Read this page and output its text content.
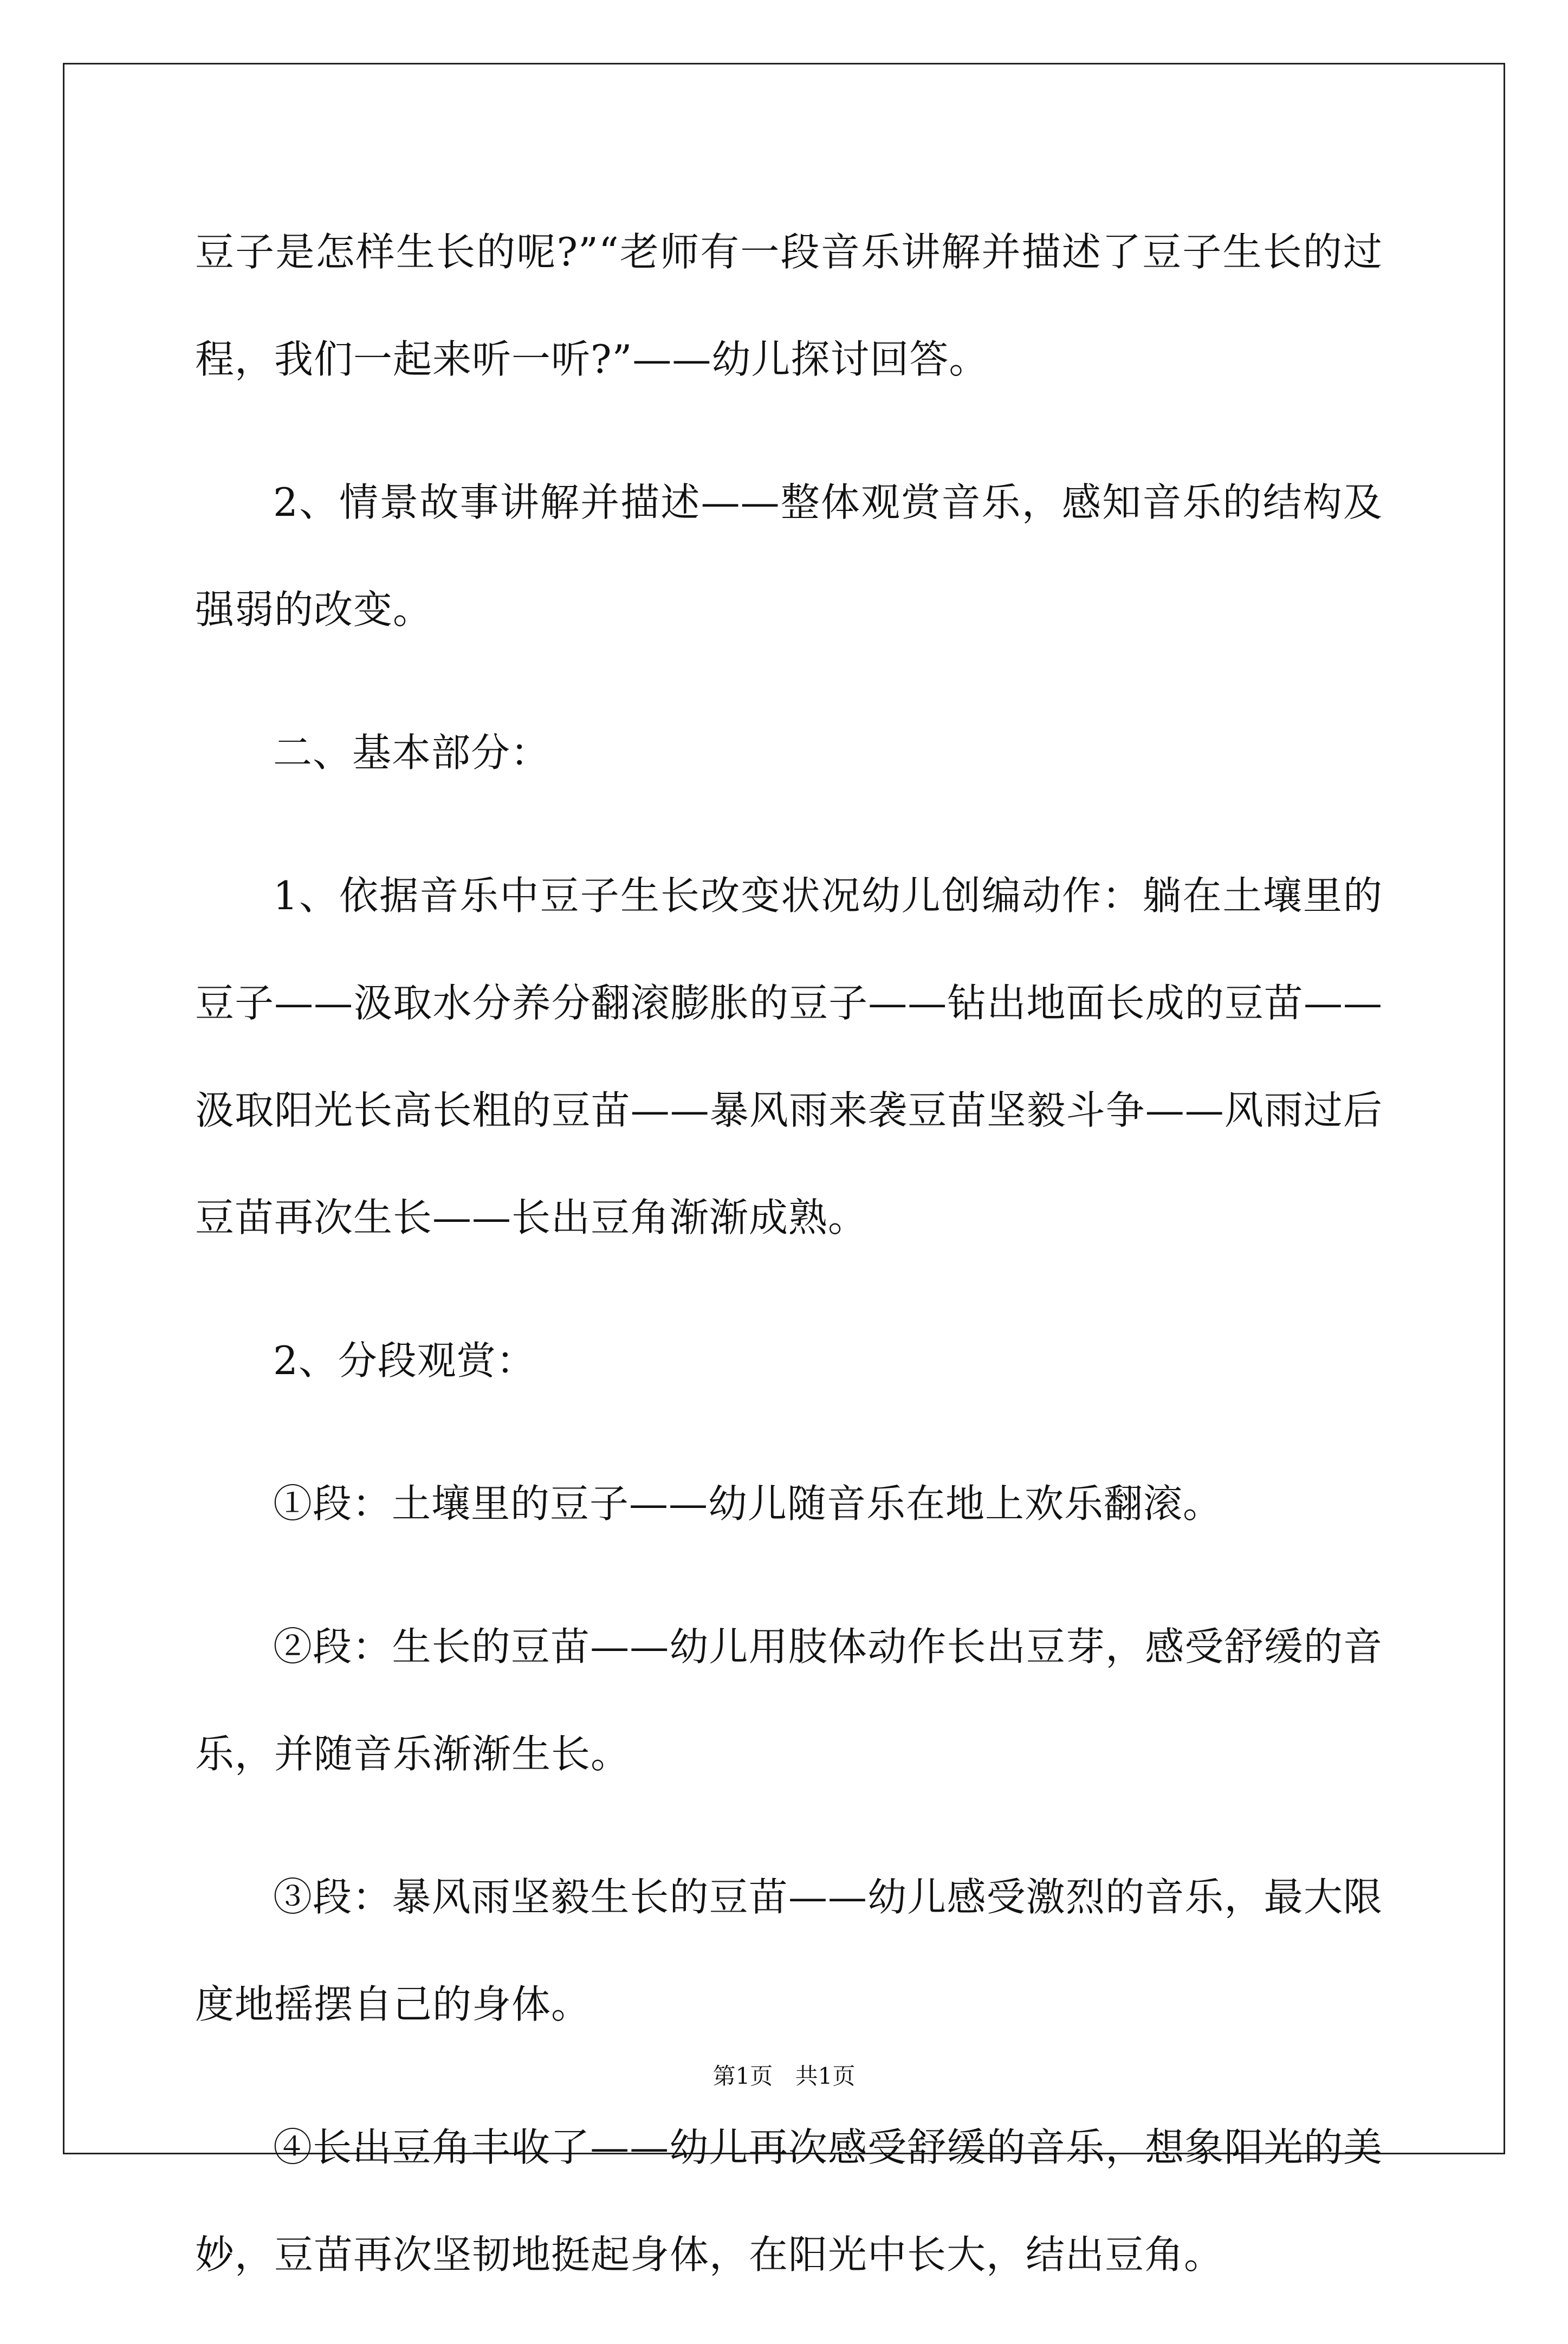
豆子是怎样生长的呢?”“老师有一段音乐讲解并描述了豆子生长的过程，我们一起来听一听?”——幼儿探讨回答。

2、情景故事讲解并描述——整体观赏音乐，感知音乐的结构及强弱的改变。

二、基本部分：

1、依据音乐中豆子生长改变状况幼儿创编动作：躺在土壤里的豆子——汲取水分养分翻滚膨胀的豆子——钻出地面长成的豆苗——汲取阳光长高长粗的豆苗——暴风雨来袭豆苗坚毅斗争——风雨过后豆苗再次生长——长出豆角渐渐成熟。

2、分段观赏：

①段：土壤里的豆子——幼儿随音乐在地上欢乐翻滚。

②段：生长的豆苗——幼儿用肢体动作长出豆芽，感受舒缓的音乐，并随音乐渐渐生长。

③段：暴风雨坚毅生长的豆苗——幼儿感受激烈的音乐，最大限度地摇摆自己的身体。

④长出豆角丰收了——幼儿再次感受舒缓的音乐，想象阳光的美妙，豆苗再次坚韧地挺起身体，在阳光中长大，结出豆角。

第1页 共1页
